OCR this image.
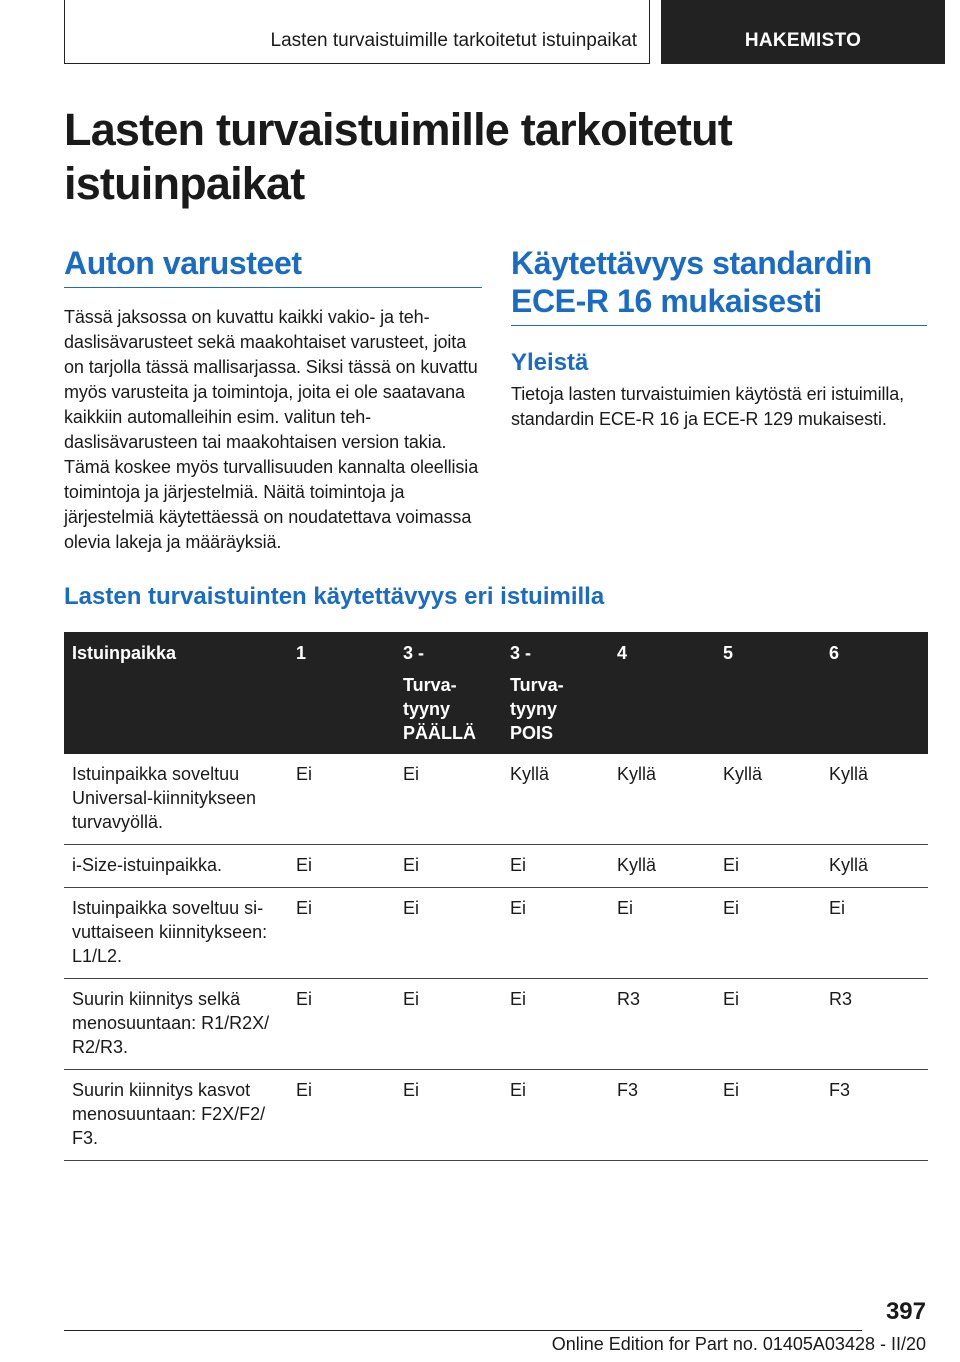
Lasten turvaistuimille tarkoitetut istuinpaikat	HAKEMISTO
Lasten turvaistuimille tarkoitetut
istuinpaikat
Auton varusteet

Tässä jaksossa on kuvattu kaikki vakio- ja tehdaslisävarusteet sekä maakohtaiset varusteet, joita on tarjolla tässä mallisarjassa. Siksi tässä on kuvattu myös varusteita ja toimintoja, joita ei ole saatavana kaikkiin automalleihin esim. valitun tehdaslisävarusteen tai maakohtaisen version takia. Tämä koskee myös turvallisuuden kannalta oleellisia toimintoja ja järjestelmiä. Näitä toimintoja ja järjestelmiä käytettäessä on noudatettava voimassa olevia lakeja ja määräyksiä.

Käytettävyys standardin ECE-R 16 mukaisesti
Yleistä

Tietoja lasten turvaistuimien käytöstä eri istuimilla, standardin ECE-R 16 ja ECE-R 129 mukaisesti.

Lasten turvaistuinten käytettävyys eri istuimilla
Istuinpaikka	1	3 -
Turva-
tyyny
PÄÄLLÄ	3 -
Turva-
tyyny
POIS	4	5	6

Istuinpaikka soveltuu Universal-kiinnitykseen turvavyöllä.	Ei	Ei	Kyllä	Kyllä	Kyllä	Kyllä
i-Size-istuinpaikka.	Ei	Ei	Ei	Kyllä	Ei	Kyllä
Istuinpaikka soveltuu sivuttaiseen kiinnitykseen: L1/L2.	Ei	Ei	Ei	Ei	Ei	Ei
Suurin kiinnitys selkä menosuuntaan: R1/R2X/ R2/R3.	Ei	Ei	Ei	R3	Ei	R3
Suurin kiinnitys kasvot menosuuntaan: F2X/F2/ F3.	Ei	Ei	Ei	F3	Ei	F3
397
Online Edition for Part no. 01405A03428 - II/20
